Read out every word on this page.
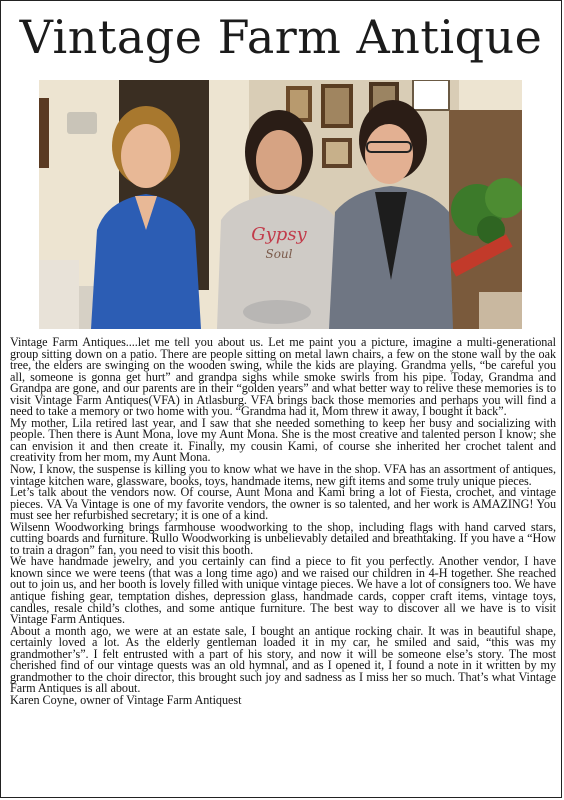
Vintage Farm Antique
Gypsy
Soul

Vintage Farm Antiques....let me tell you about us. Let me paint you a picture, imagine a multi-generational group sitting down on a patio. There are people sitting on metal lawn chairs, a few on the stone wall by the oak tree, the elders are swinging on the wooden swing, while the kids are playing. Grandma yells, “be careful you all, someone is gonna get hurt” and grandpa sighs while smoke swirls from his pipe. Today, Grandma and Grandpa are gone, and our parents are in their “golden years” and what better way to relive these memories is to visit Vintage Farm Antiques(VFA) in Atlasburg. VFA brings back those memories and perhaps you will find a need to take a memory or two home with you. “Grandma had it, Mom threw it away, I bought it back”.

My mother, Lila retired last year, and I saw that she needed something to keep her busy and socializing with people. Then there is Aunt Mona, love my Aunt Mona. She is the most creative and talented person I know; she can envision it and then create it. Finally, my cousin Kami, of course she inherited her crochet talent and creativity from her mom, my Aunt Mona.

Now, I know, the suspense is killing you to know what we have in the shop. VFA has an assortment of antiques, vintage kitchen ware, glassware, books, toys, handmade items, new gift items and some truly unique pieces.

Let’s talk about the vendors now. Of course, Aunt Mona and Kami bring a lot of Fiesta, crochet, and vintage pieces. VA Va Vintage is one of my favorite vendors, the owner is so talented, and her work is AMAZING! You must see her refurbished secretary; it is one of a kind.

Wilsenn Woodworking brings farmhouse woodworking to the shop, including flags with hand carved stars, cutting boards and furniture. Rullo Woodworking is unbelievably detailed and breathtaking. If you have a “How to train a dragon” fan, you need to visit this booth.

We have handmade jewelry, and you certainly can find a piece to fit you perfectly. Another vendor, I have known since we were teens (that was a long time ago) and we raised our children in 4-H together. She reached out to join us, and her booth is lovely filled with unique vintage pieces. We have a lot of consigners too. We have antique fishing gear, temptation dishes, depression glass, handmade cards, copper craft items, vintage toys, candles, resale child’s clothes, and some antique furniture. The best way to discover all we have is to visit Vintage Farm Antiques.

About a month ago, we were at an estate sale, I bought an antique rocking chair. It was in beautiful shape, certainly loved a lot. As the elderly gentleman loaded it in my car, he smiled and said, “this was my grandmother’s”. I felt entrusted with a part of his story, and now it will be someone else’s story. The most cherished find of our vintage quests was an old hymnal, and as I opened it, I found a note in it written by my grandmother to the choir director, this brought such joy and sadness as I miss her so much. That’s what Vintage Farm Antiques is all about.

Karen Coyne, owner of Vintage Farm Antiquest
